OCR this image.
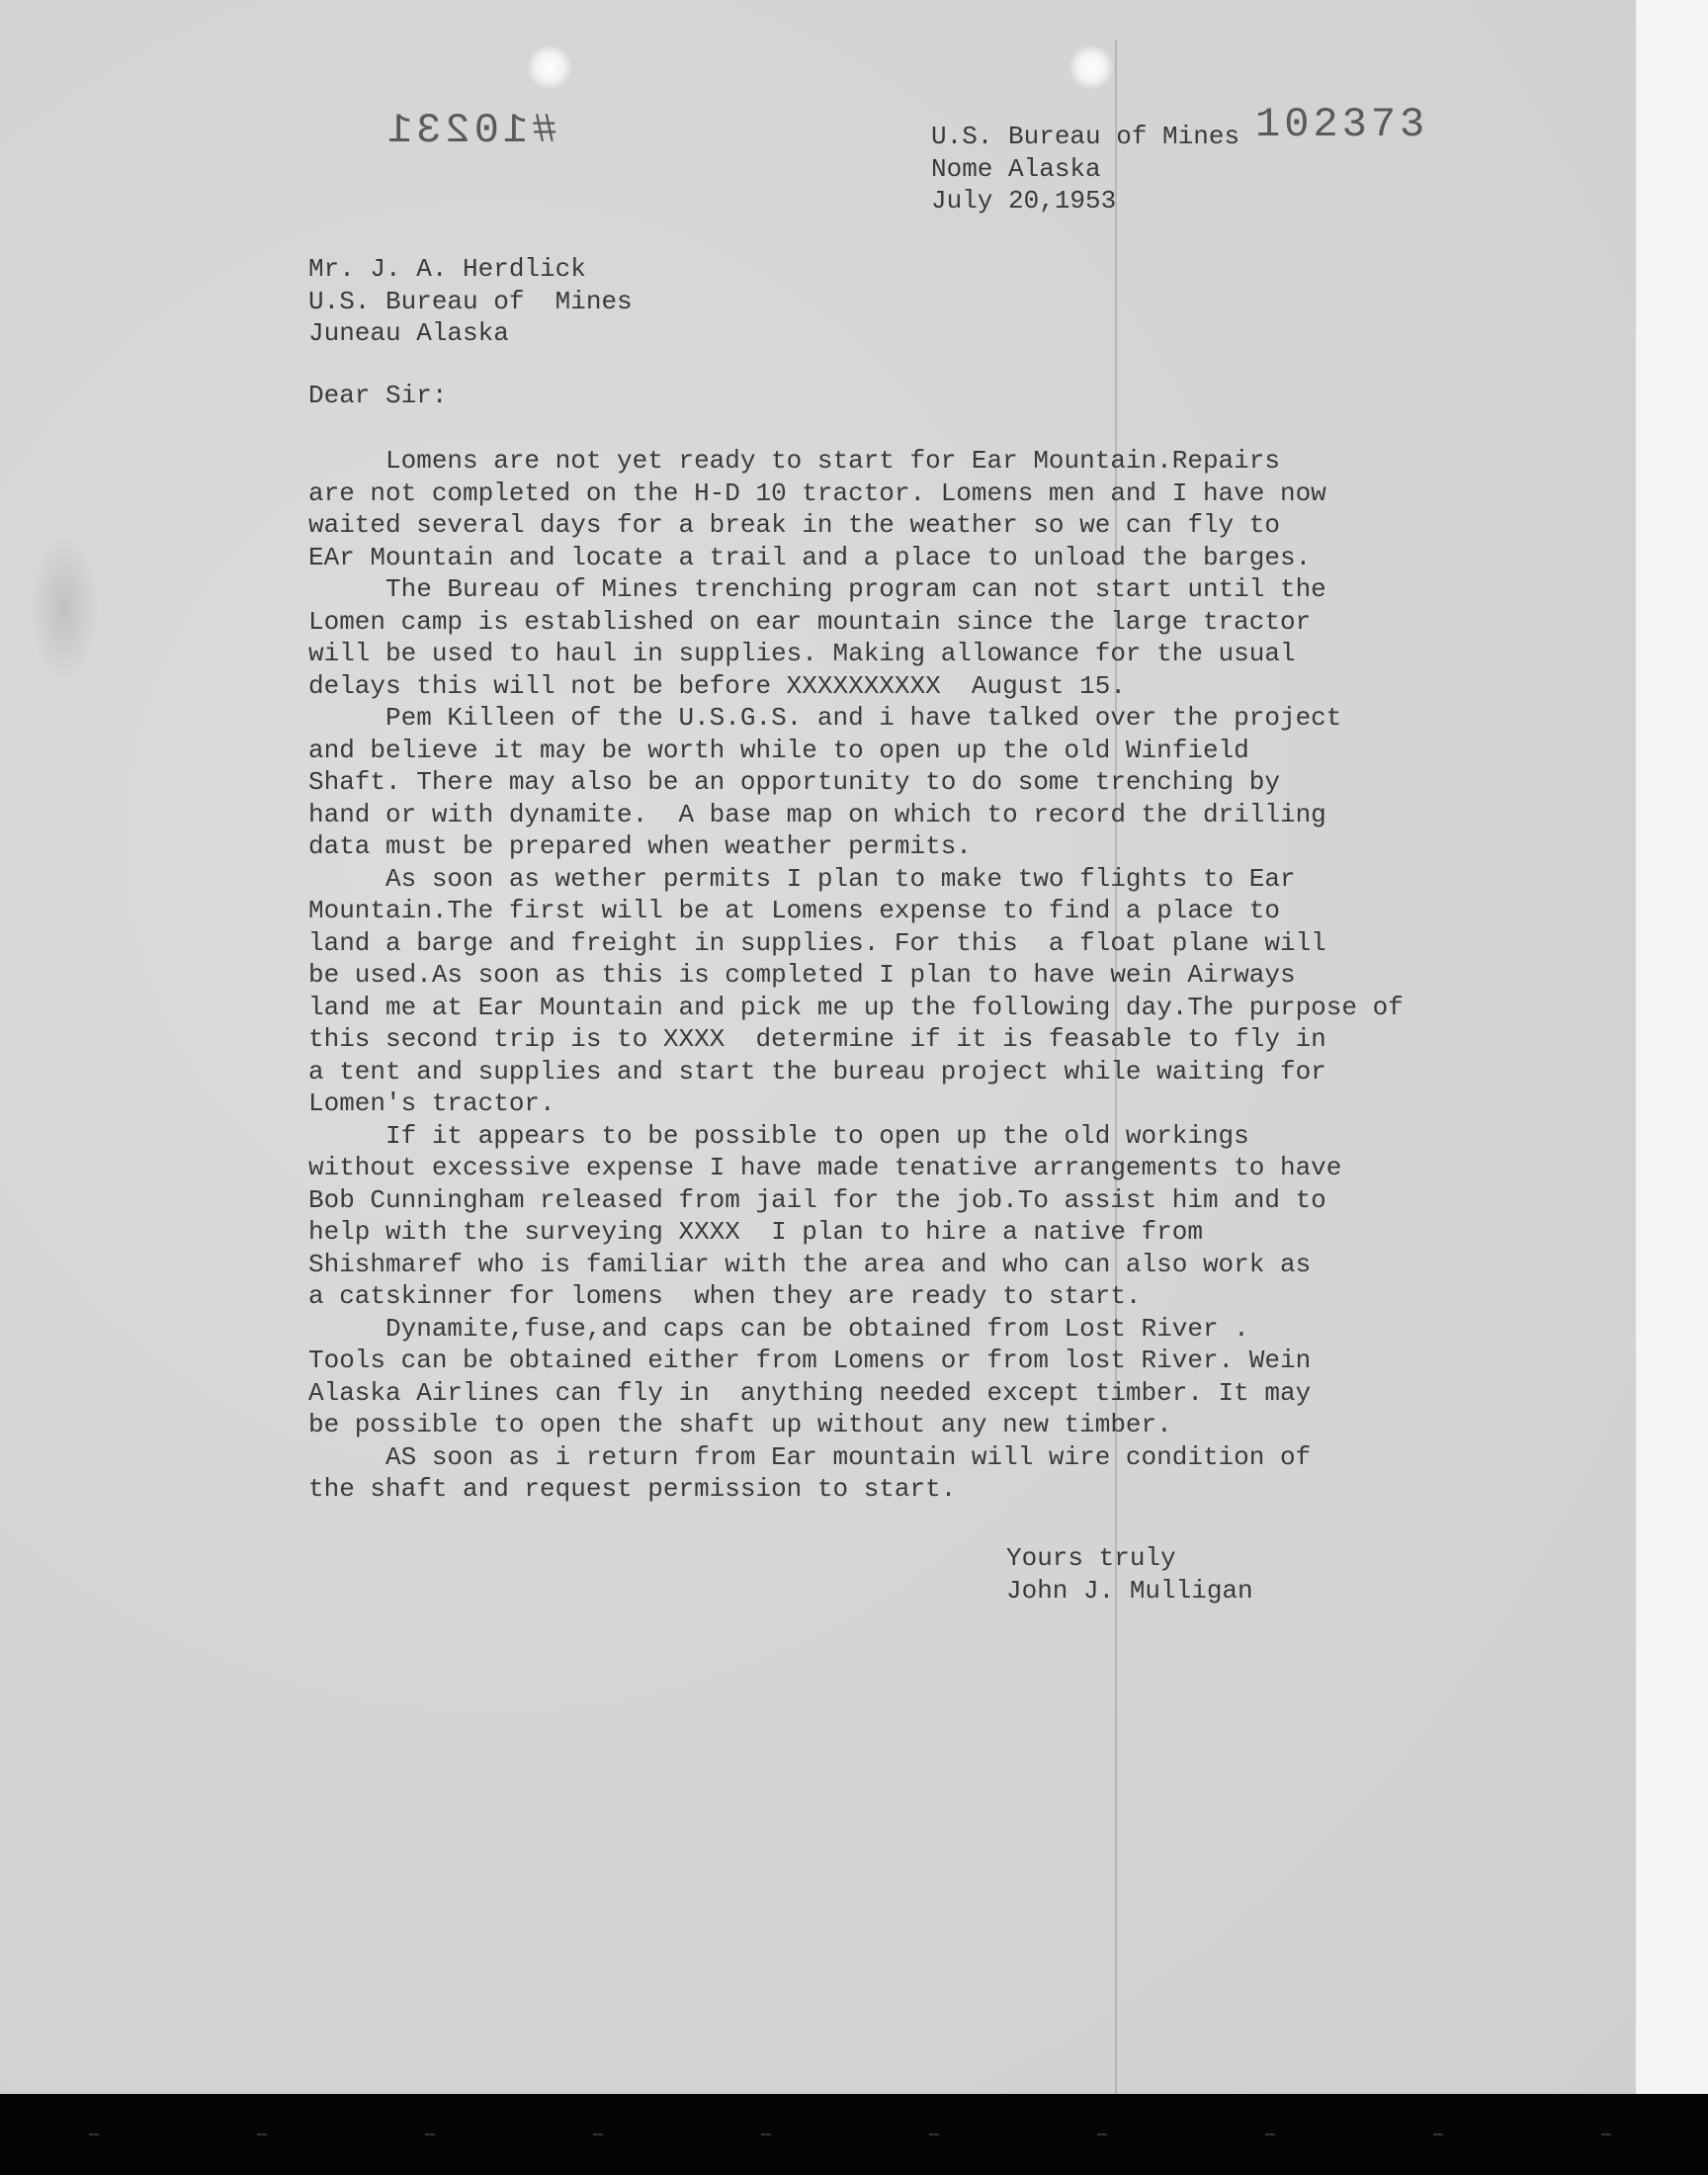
#10231	102373

U.S. Bureau of Mines

Nome Alaska

July 20,1953

Mr. J. A. Herdlick

U.S. Bureau of  Mines

Juneau Alaska

Dear Sir:

Lomens are not yet ready to start for Ear Mountain.Repairs

are not completed on the H-D 10 tractor. Lomens men and I have now

waited several days for a break in the weather so we can fly to

EAr Mountain and locate a trail and a place to unload the barges.

The Bureau of Mines trenching program can not start until the

Lomen camp is established on ear mountain since the large tractor

will be used to haul in supplies. Making allowance for the usual

delays this will not be before XXXXXXXXXX  August 15.

Pem Killeen of the U.S.G.S. and i have talked over the project

and believe it may be worth while to open up the old Winfield

Shaft. There may also be an opportunity to do some trenching by

hand or with dynamite.  A base map on which to record the drilling

data must be prepared when weather permits.

As soon as wether permits I plan to make two flights to Ear

Mountain.The first will be at Lomens expense to find a place to

land a barge and freight in supplies. For this  a float plane will

be used.As soon as this is completed I plan to have wein Airways

land me at Ear Mountain and pick me up the following day.The purpose of

this second trip is to XXXX  determine if it is feasable to fly in

a tent and supplies and start the bureau project while waiting for

Lomen's tractor.

If it appears to be possible to open up the old workings

without excessive expense I have made tenative arrangements to have

Bob Cunningham released from jail for the job.To assist him and to

help with the surveying XXXX  I plan to hire a native from

Shishmaref who is familiar with the area and who can also work as

a catskinner for lomens  when they are ready to start.

Dynamite,fuse,and caps can be obtained from Lost River .

Tools can be obtained either from Lomens or from lost River. Wein

Alaska Airlines can fly in  anything needed except timber. It may

be possible to open the shaft up without any new timber.

AS soon as i return from Ear mountain will wire condition of

the shaft and request permission to start.

Yours truly

John J. Mulligan
